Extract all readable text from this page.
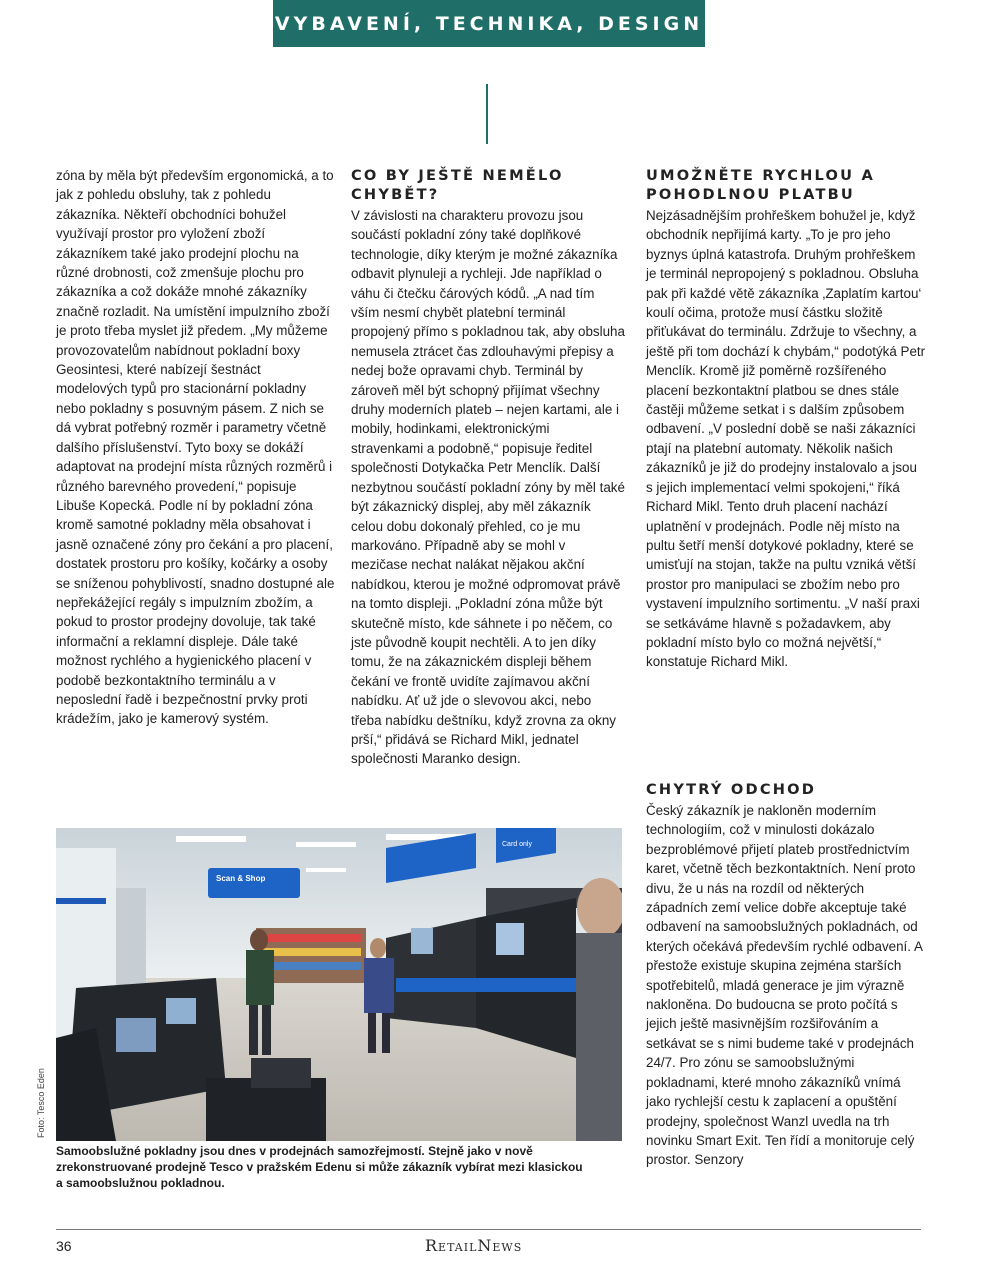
VYBAVENÍ, TECHNIKA, DESIGN

zóna by měla být především ergonomická, a to jak z pohledu obsluhy, tak z pohledu zákazníka. Někteří obchodníci bohužel využívají prostor pro vyložení zboží zákazníkem také jako prodejní plochu na různé drobnosti, což zmenšuje plochu pro zákazníka a což dokáže mnohé zákazníky značně rozladit. Na umístění impulzního zboží je proto třeba myslet již předem. „My můžeme provozovatelům nabídnout pokladní boxy Geosintesi, které nabízejí šestnáct modelových typů pro stacionární pokladny nebo pokladny s posuvným pásem. Z nich se dá vybrat potřebný rozměr i parametry včetně dalšího příslušenství. Tyto boxy se dokáží adaptovat na prodejní místa různých rozměrů i různého barevného provedení,“ popisuje Libuše Kopecká. Podle ní by pokladní zóna kromě samotné pokladny měla obsahovat i jasně označené zóny pro čekání a pro placení, dostatek prostoru pro košíky, kočárky a osoby se sníženou pohyblivostí, snadno dostupné ale nepřekážející regály s impulzním zbožím, a pokud to prostor prodejny dovoluje, tak také informační a reklamní displeje. Dále také možnost rychlého a hygienického placení v podobě bezkontaktního terminálu a v neposlední řadě i bezpečnostní prvky proti krádežím, jako je kamerový systém.

CO BY JEŠTĚ NEMĚLO CHYBĚT?

V závislosti na charakteru provozu jsou součástí pokladní zóny také doplňkové technologie, díky kterým je možné zákazníka odbavit plynuleji a rychleji. Jde například o váhu či čtečku čárových kódů. „A nad tím vším nesmí chybět platební terminál propojený přímo s pokladnou tak, aby obsluha nemusela ztrácet čas zdlouhavými přepisy a nedej bože opravami chyb. Terminál by zároveň měl být schopný přijímat všechny druhy moderních plateb – nejen kartami, ale i mobily, hodinkami, elektronickými stravenkami a podobně,“ popisuje ředitel společnosti Dotykačka Petr Menclík. Další nezbytnou součástí pokladní zóny by měl také být zákaznický displej, aby měl zákazník celou dobu dokonalý přehled, co je mu markováno. Případně aby se mohl v mezičase nechat nalákat nějakou akční nabídkou, kterou je možné odpromovat právě na tomto displeji. „Pokladní zóna může být skutečně místo, kde sáhnete i po něčem, co jste původně koupit nechtěli. A to jen díky tomu, že na zákaznickém displeji během čekání ve frontě uvidíte zajímavou akční nabídku. Ať už jde o slevovou akci, nebo třeba nabídku deštníku, když zrovna za okny prší,“ přidává se Richard Mikl, jednatel společnosti Maranko design.

UMOŽNĚTE RYCHLOU A POHODLNOU PLATBU

Nejzásadnějším prohřeškem bohužel je, když obchodník nepřijímá karty. „To je pro jeho byznys úplná katastrofa. Druhým prohřeškem je terminál nepropojený s pokladnou. Obsluha pak při každé větě zákazníka ‚Zaplatím kartou‘ koulí očima, protože musí částku složitě přiťukávat do terminálu. Zdržuje to všechny, a ještě při tom dochází k chybám,“ podotýká Petr Menclík. Kromě již poměrně rozšířeného placení bezkontaktní platbou se dnes stále častěji můžeme setkat i s dalším způsobem odbavení. „V poslední době se naši zákazníci ptají na platební automaty. Několik našich zákazníků je již do prodejny instalovalo a jsou s jejich implementací velmi spokojeni,“ říká Richard Mikl. Tento druh placení nachází uplatnění v prodejnách. Podle něj místo na pultu šetří menší dotykové pokladny, které se umisťují na stojan, takže na pultu vzniká větší prostor pro manipulaci se zbožím nebo pro vystavení impulzního sortimentu. „V naší praxi se setkáváme hlavně s požadavkem, aby pokladní místo bylo co možná největší,“ konstatuje Richard Mikl.

CHYTRÝ ODCHOD

Český zákazník je nakloněn moderním technologiím, což v minulosti dokázalo bezproblémové přijetí plateb prostřednictvím karet, včetně těch bezkontaktních. Není proto divu, že u nás na rozdíl od některých západních zemí velice dobře akceptuje také odbavení na samoobslužných pokladnách, od kterých očekává především rychlé odbavení. A přestože existuje skupina zejména starších spotřebitelů, mladá generace je jim výrazně nakloněna. Do budoucna se proto počítá s jejich ještě masivnějším rozšiřováním a setkávat se s nimi budeme také v prodejnách 24/7. Pro zónu se samoobslužnými pokladnami, které mnoho zákazníků vnímá jako rychlejší cestu k zaplacení a opuštění prodejny, společnost Wanzl uvedla na trh novinku Smart Exit. Ten řídí a monitoruje celý prostor. Senzory

Scan & Shop
Card only
Foto: Tesco Eden
Samoobslužné pokladny jsou dnes v prodejnách samozřejmostí. Stejně jako v nově zrekonstruované prodejně Tesco v pražském Edenu si může zákazník vybírat mezi klasickou a samoobslužnou pokladnou.
36	RetailNews
